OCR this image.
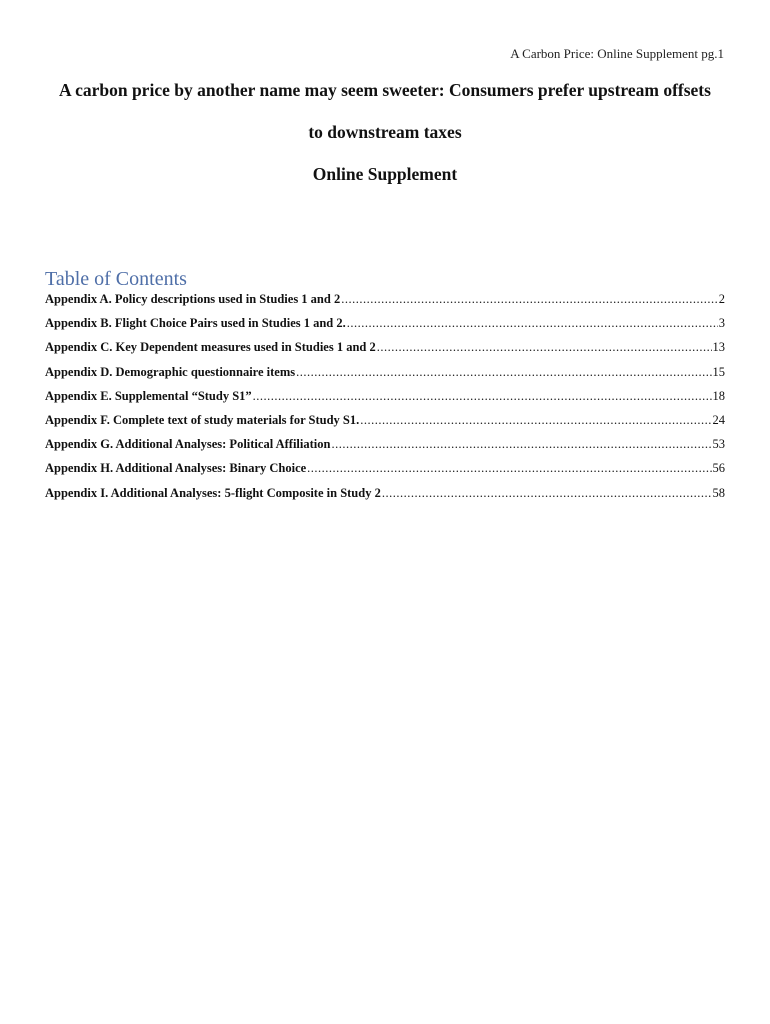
A Carbon Price: Online Supplement pg.1

A carbon price by another name may seem sweeter: Consumers prefer upstream offsets

to downstream taxes

Online Supplement

Table of Contents
Appendix A. Policy descriptions used in Studies 1 and 2 .....	2
Appendix B. Flight Choice Pairs used in Studies 1 and 2. .....	3
Appendix C. Key Dependent measures used in Studies 1 and 2 .....	13
Appendix D. Demographic questionnaire items .....	15
Appendix E. Supplemental “Study S1” .....	18
Appendix F. Complete text of study materials for Study S1. .....	24
Appendix G. Additional Analyses: Political Affiliation .....	53
Appendix H. Additional Analyses: Binary Choice .....	56
Appendix I. Additional Analyses: 5-flight Composite in Study 2 .....	58
